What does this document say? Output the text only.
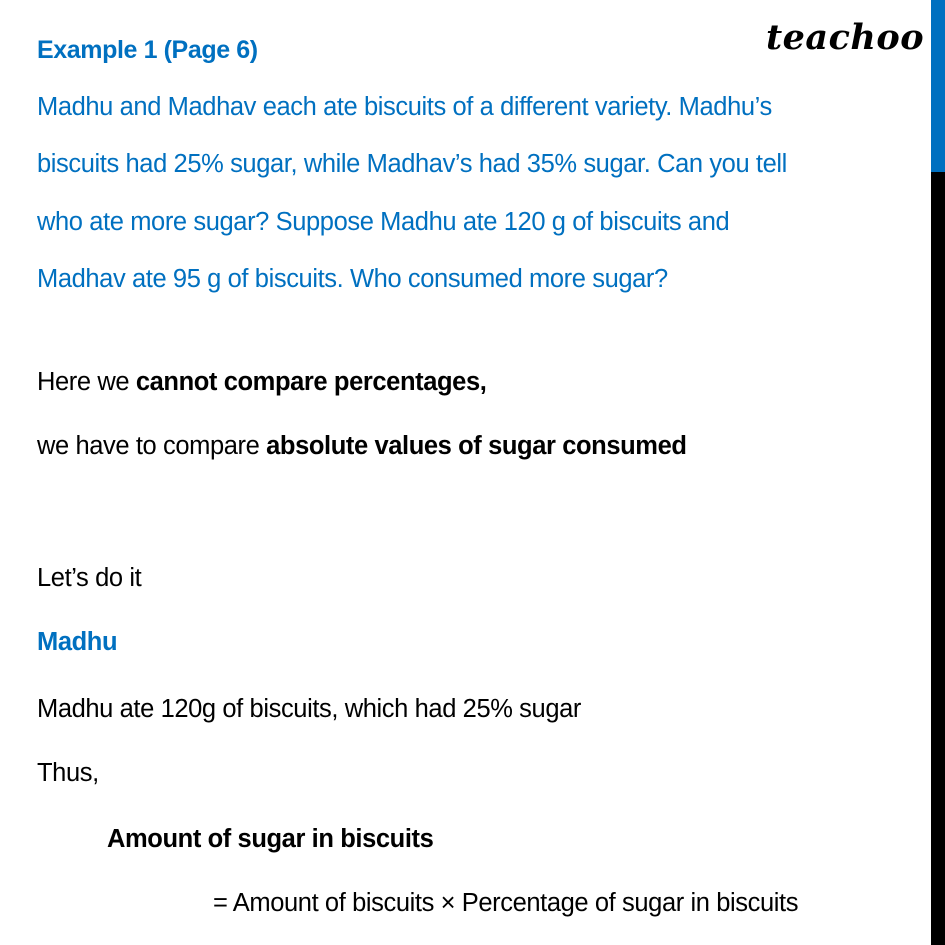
teachoo
Example 1 (Page 6)
Madhu and Madhav each ate biscuits of a different variety. Madhu’s
biscuits had 25% sugar, while Madhav’s had 35% sugar. Can you tell
who ate more sugar? Suppose Madhu ate 120 g of biscuits and
Madhav ate 95 g of biscuits. Who consumed more sugar?
Here we cannot compare percentages,
we have to compare absolute values of sugar consumed
Let’s do it
Madhu
Madhu ate 120g of biscuits, which had 25% sugar
Thus,
Amount of sugar in biscuits
= Amount of biscuits × Percentage of sugar in biscuits
